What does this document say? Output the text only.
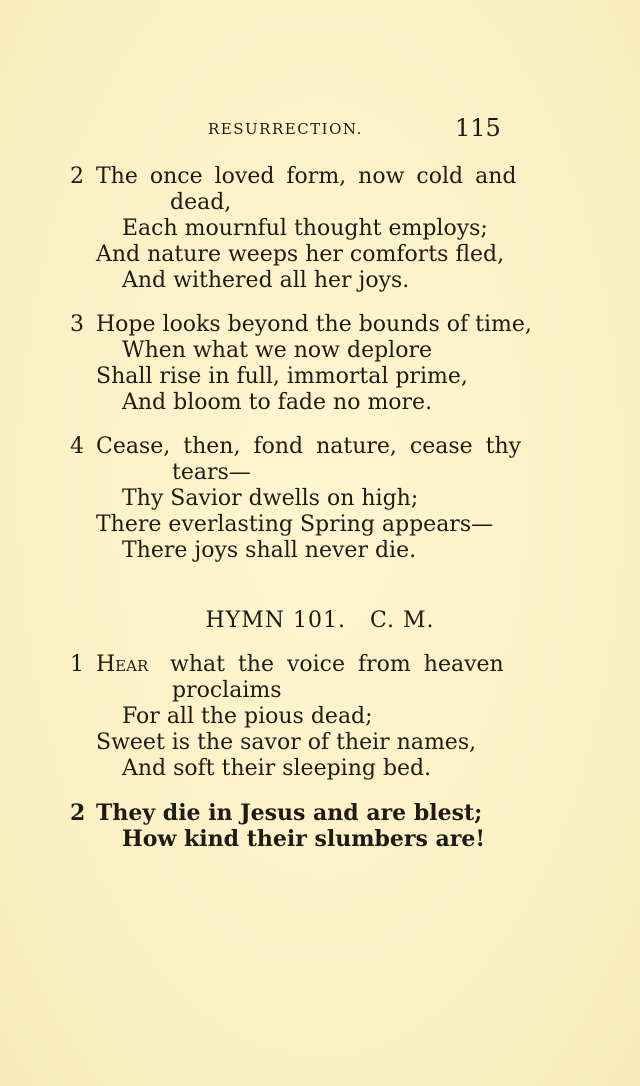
RESURRECTION.	115
2 The once loved form, now cold and
dead,
Each mournful thought employs;
And nature weeps her comforts fled,
And withered all her joys.
3 Hope looks beyond the bounds of time,
When what we now deplore
Shall rise in full, immortal prime,
And bloom to fade no more.
4 Cease, then, fond nature, cease thy
tears—
Thy Savior dwells on high;
There everlasting Spring appears—
There joys shall never die.
HYMN 101.   C. M.
1 Hear what the voice from heaven
proclaims
For all the pious dead;
Sweet is the savor of their names,
And soft their sleeping bed.
2 They die in Jesus and are blest;
How kind their slumbers are!
